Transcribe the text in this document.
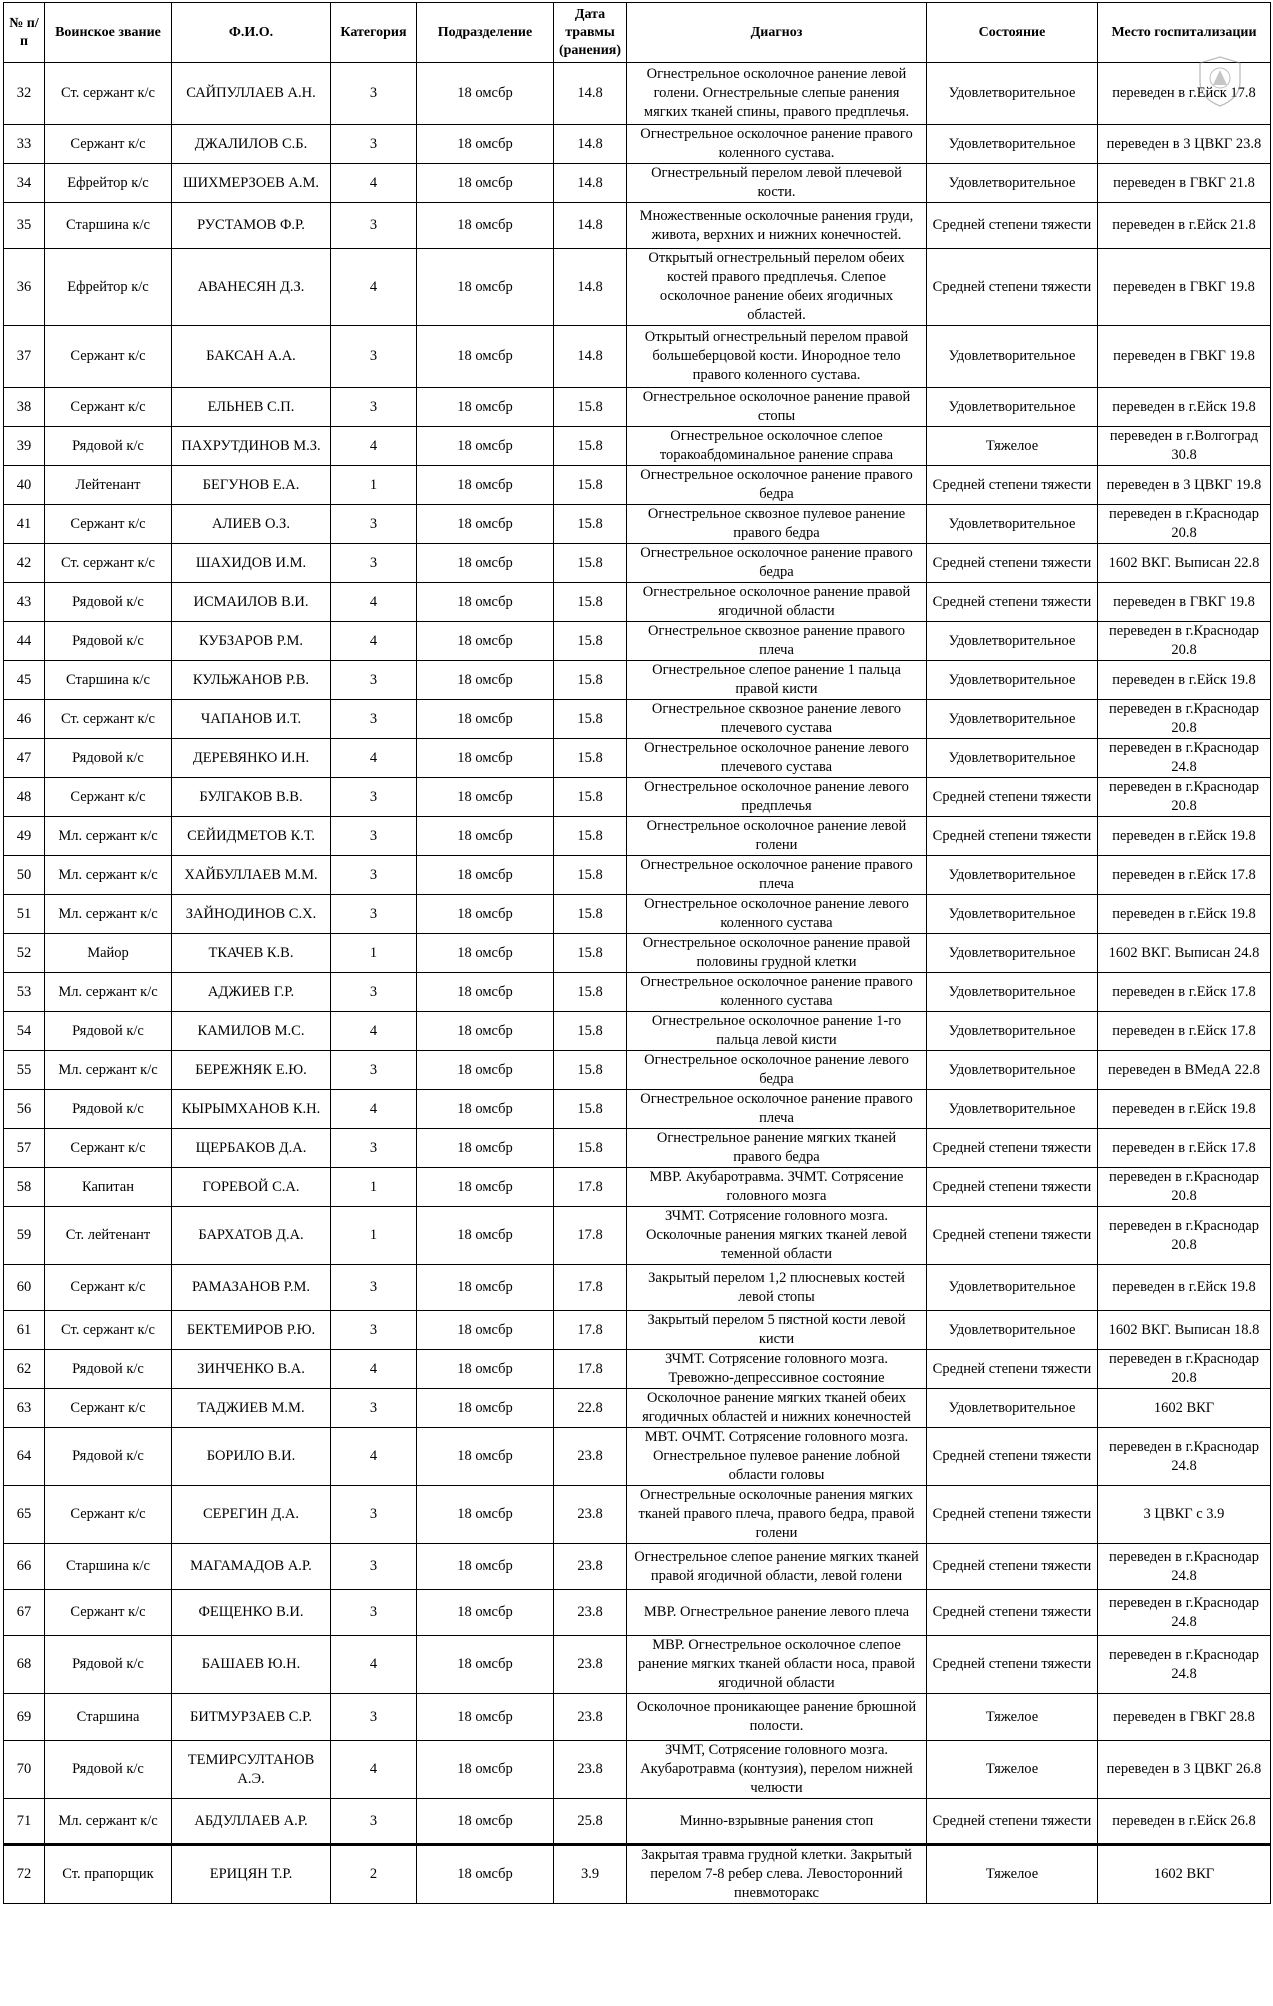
№ п/п	Воинское звание	Ф.И.О.	Категория	Подразделение	Дата травмы (ранения)	Диагноз	Состояние	Место госпитализации
32	Ст. сержант к/с	САЙПУЛЛАЕВ А.Н.	3	18 омсбр	14.8	Огнестрельное осколочное ранение левой голени. Огнестрельные слепые ранения мягких тканей спины, правого предплечья.	Удовлетворительное	переведен в г.Ейск 17.8
33	Сержант к/с	ДЖАЛИЛОВ С.Б.	3	18 омсбр	14.8	Огнестрельное осколочное ранение правого коленного сустава.	Удовлетворительное	переведен в 3 ЦВКГ 23.8
34	Ефрейтор к/с	ШИХМЕРЗОЕВ А.М.	4	18 омсбр	14.8	Огнестрельный перелом левой плечевой кости.	Удовлетворительное	переведен в ГВКГ 21.8
35	Старшина к/с	РУСТАМОВ Ф.Р.	3	18 омсбр	14.8	Множественные осколочные ранения груди, живота, верхних и нижних конечностей.	Средней степени тяжести	переведен в г.Ейск 21.8
36	Ефрейтор к/с	АВАНЕСЯН Д.З.	4	18 омсбр	14.8	Открытый огнестрельный перелом обеих костей правого предплечья. Слепое осколочное ранение обеих ягодичных областей.	Средней степени тяжести	переведен в ГВКГ 19.8
37	Сержант к/с	БАКСАН А.А.	3	18 омсбр	14.8	Открытый огнестрельный перелом правой большеберцовой кости. Инородное тело правого коленного сустава.	Удовлетворительное	переведен в ГВКГ 19.8
38	Сержант к/с	ЕЛЬНЕВ С.П.	3	18 омсбр	15.8	Огнестрельное осколочное ранение правой стопы	Удовлетворительное	переведен в г.Ейск 19.8
39	Рядовой к/с	ПАХРУТДИНОВ М.З.	4	18 омсбр	15.8	Огнестрельное осколочное слепое торакоабдоминальное ранение справа	Тяжелое	переведен в г.Волгоград 30.8
40	Лейтенант	БЕГУНОВ Е.А.	1	18 омсбр	15.8	Огнестрельное осколочное ранение правого бедра	Средней степени тяжести	переведен в 3 ЦВКГ 19.8
41	Сержант к/с	АЛИЕВ О.З.	3	18 омсбр	15.8	Огнестрельное сквозное пулевое ранение правого бедра	Удовлетворительное	переведен в г.Краснодар 20.8
42	Ст. сержант к/с	ШАХИДОВ И.М.	3	18 омсбр	15.8	Огнестрельное осколочное ранение правого бедра	Средней степени тяжести	1602 ВКГ. Выписан 22.8
43	Рядовой к/с	ИСМАИЛОВ В.И.	4	18 омсбр	15.8	Огнестрельное осколочное ранение правой ягодичной области	Средней степени тяжести	переведен в ГВКГ 19.8
44	Рядовой к/с	КУБЗАРОВ Р.М.	4	18 омсбр	15.8	Огнестрельное сквозное ранение правого плеча	Удовлетворительное	переведен в г.Краснодар 20.8
45	Старшина к/с	КУЛЬЖАНОВ Р.В.	3	18 омсбр	15.8	Огнестрельное слепое ранение 1 пальца правой кисти	Удовлетворительное	переведен в г.Ейск 19.8
46	Ст. сержант к/с	ЧАПАНОВ И.Т.	3	18 омсбр	15.8	Огнестрельное сквозное ранение левого плечевого сустава	Удовлетворительное	переведен в г.Краснодар 20.8
47	Рядовой к/с	ДЕРЕВЯНКО И.Н.	4	18 омсбр	15.8	Огнестрельное осколочное ранение левого плечевого сустава	Удовлетворительное	переведен в г.Краснодар 24.8
48	Сержант к/с	БУЛГАКОВ В.В.	3	18 омсбр	15.8	Огнестрельное осколочное ранение левого предплечья	Средней степени тяжести	переведен в г.Краснодар 20.8
49	Мл. сержант к/с	СЕЙИДМЕТОВ К.Т.	3	18 омсбр	15.8	Огнестрельное осколочное ранение левой голени	Средней степени тяжести	переведен в г.Ейск 19.8
50	Мл. сержант к/с	ХАЙБУЛЛАЕВ М.М.	3	18 омсбр	15.8	Огнестрельное осколочное ранение правого плеча	Удовлетворительное	переведен в г.Ейск 17.8
51	Мл. сержант к/с	ЗАЙНОДИНОВ С.Х.	3	18 омсбр	15.8	Огнестрельное осколочное ранение левого коленного сустава	Удовлетворительное	переведен в г.Ейск 19.8
52	Майор	ТКАЧЕВ К.В.	1	18 омсбр	15.8	Огнестрельное осколочное ранение правой половины грудной клетки	Удовлетворительное	1602 ВКГ. Выписан 24.8
53	Мл. сержант к/с	АДЖИЕВ Г.Р.	3	18 омсбр	15.8	Огнестрельное осколочное ранение правого коленного сустава	Удовлетворительное	переведен в г.Ейск 17.8
54	Рядовой к/с	КАМИЛОВ М.С.	4	18 омсбр	15.8	Огнестрельное осколочное ранение 1-го пальца левой кисти	Удовлетворительное	переведен в г.Ейск 17.8
55	Мл. сержант к/с	БЕРЕЖНЯК Е.Ю.	3	18 омсбр	15.8	Огнестрельное осколочное ранение левого бедра	Удовлетворительное	переведен в ВМедА 22.8
56	Рядовой к/с	КЫРЫМХАНОВ К.Н.	4	18 омсбр	15.8	Огнестрельное осколочное ранение правого плеча	Удовлетворительное	переведен в г.Ейск 19.8
57	Сержант к/с	ЩЕРБАКОВ Д.А.	3	18 омсбр	15.8	Огнестрельное ранение мягких тканей правого бедра	Средней степени тяжести	переведен в г.Ейск 17.8
58	Капитан	ГОРЕВОЙ С.А.	1	18 омсбр	17.8	МВР. Акубаротравма. ЗЧМТ. Сотрясение головного мозга	Средней степени тяжести	переведен в г.Краснодар 20.8
59	Ст. лейтенант	БАРХАТОВ Д.А.	1	18 омсбр	17.8	ЗЧМТ. Сотрясение головного мозга. Осколочные ранения мягких тканей левой теменной области	Средней степени тяжести	переведен в г.Краснодар 20.8
60	Сержант к/с	РАМАЗАНОВ Р.М.	3	18 омсбр	17.8	Закрытый перелом 1,2 плюсневых костей левой стопы	Удовлетворительное	переведен в г.Ейск 19.8
61	Ст. сержант к/с	БЕКТЕМИРОВ Р.Ю.	3	18 омсбр	17.8	Закрытый перелом 5 пястной кости левой кисти	Удовлетворительное	1602 ВКГ. Выписан 18.8
62	Рядовой к/с	ЗИНЧЕНКО В.А.	4	18 омсбр	17.8	ЗЧМТ. Сотрясение головного мозга. Тревожно-депрессивное состояние	Средней степени тяжести	переведен в г.Краснодар 20.8
63	Сержант к/с	ТАДЖИЕВ М.М.	3	18 омсбр	22.8	Осколочное ранение мягких тканей обеих ягодичных областей и нижних конечностей	Удовлетворительное	1602 ВКГ
64	Рядовой к/с	БОРИЛО В.И.	4	18 омсбр	23.8	МВТ. ОЧМТ. Сотрясение головного мозга. Огнестрельное пулевое ранение лобной области головы	Средней степени тяжести	переведен в г.Краснодар 24.8
65	Сержант к/с	СЕРЕГИН Д.А.	3	18 омсбр	23.8	Огнестрельные осколочные ранения мягких тканей правого плеча, правого бедра, правой голени	Средней степени тяжести	3 ЦВКГ с 3.9
66	Старшина к/с	МАГАМАДОВ А.Р.	3	18 омсбр	23.8	Огнестрельное слепое ранение мягких тканей правой ягодичной области, левой голени	Средней степени тяжести	переведен в г.Краснодар 24.8
67	Сержант к/с	ФЕЩЕНКО В.И.	3	18 омсбр	23.8	МВР. Огнестрельное ранение левого плеча	Средней степени тяжести	переведен в г.Краснодар 24.8
68	Рядовой к/с	БАШАЕВ Ю.Н.	4	18 омсбр	23.8	МВР. Огнестрельное осколочное слепое ранение мягких тканей области носа, правой ягодичной области	Средней степени тяжести	переведен в г.Краснодар 24.8
69	Старшина	БИТМУРЗАЕВ С.Р.	3	18 омсбр	23.8	Осколочное проникающее ранение брюшной полости.	Тяжелое	переведен в ГВКГ 28.8
70	Рядовой к/с	ТЕМИРСУЛТАНОВ А.Э.	4	18 омсбр	23.8	ЗЧМТ, Сотрясение головного мозга. Акубаротравма (контузия), перелом нижней челюсти	Тяжелое	переведен в 3 ЦВКГ 26.8
71	Мл. сержант к/с	АБДУЛЛАЕВ А.Р.	3	18 омсбр	25.8	Минно-взрывные ранения стоп	Средней степени тяжести	переведен в г.Ейск 26.8
72	Ст. прапорщик	ЕРИЦЯН Т.Р.	2	18 омсбр	3.9	Закрытая травма грудной клетки. Закрытый перелом 7-8 ребер слева. Левосторонний пневмоторакс	Тяжелое	1602 ВКГ
